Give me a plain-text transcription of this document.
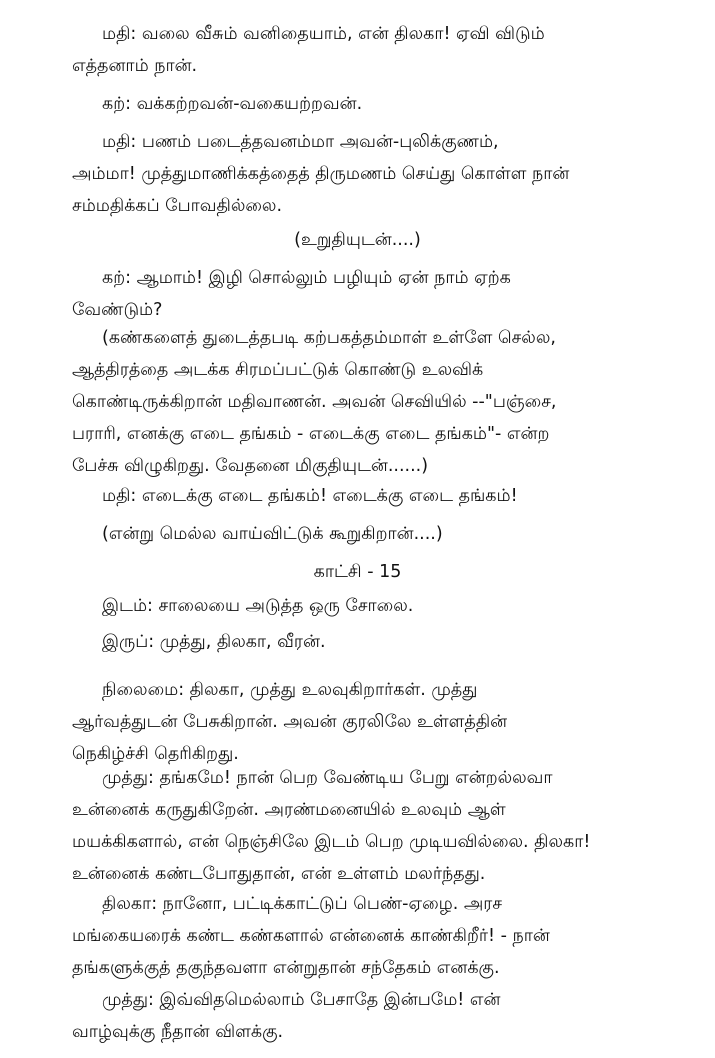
மதி: வலை வீசும் வனிதையாம், என் திலகா! ஏவி விடும்
எத்தனாம் நான்.
கற்: வக்கற்றவன்-வகையற்றவன்.
மதி: பணம் படைத்தவனம்மா அவன்-புலிக்குணம்,
அம்மா! முத்துமாணிக்கத்தைத் திருமணம் செய்து கொள்ள நான்
சம்மதிக்கப் போவதில்லை.
(உறுதியுடன்....)
கற்: ஆமாம்! இழி சொல்லும் பழியும் ஏன் நாம் ஏற்க
வேண்டும்?
(கண்களைத் துடைத்தபடி கற்பகத்தம்மாள் உள்ளே செல்ல,
ஆத்திரத்தை அடக்க சிரமப்பட்டுக் கொண்டு உலவிக்
கொண்டிருக்கிறான் மதிவாணன். அவன் செவியில் --"பஞ்சை,
பராரி, எனக்கு எடை தங்கம் - எடைக்கு எடை தங்கம்"- என்ற
பேச்சு விழுகிறது. வேதனை மிகுதியுடன்......)
மதி: எடைக்கு எடை தங்கம்! எடைக்கு எடை தங்கம்!
(என்று மெல்ல வாய்விட்டுக் கூறுகிறான்....)
காட்சி - 15
இடம்: சாலையை அடுத்த ஒரு சோலை.
இருப்: முத்து, திலகா, வீரன்.
நிலைமை: திலகா, முத்து உலவுகிறார்கள். முத்து
ஆர்வத்துடன் பேசுகிறான். அவன் குரலிலே உள்ளத்தின்
நெகிழ்ச்சி தெரிகிறது.
முத்து: தங்கமே! நான் பெற வேண்டிய பேறு என்றல்லவா
உன்னைக் கருதுகிறேன். அரண்மனையில் உலவும் ஆள்
மயக்கிகளால், என் நெஞ்சிலே இடம் பெற முடியவில்லை. திலகா!
உன்னைக் கண்டபோதுதான், என் உள்ளம் மலர்ந்தது.
திலகா: நானோ, பட்டிக்காட்டுப் பெண்-ஏழை. அரச
மங்கையரைக் கண்ட கண்களால் என்னைக் காண்கிறீர்! - நான்
தங்களுக்குத் தகுந்தவளா என்றுதான் சந்தேகம் எனக்கு.
முத்து: இவ்விதமெல்லாம் பேசாதே இன்பமே! என்
வாழ்வுக்கு நீதான் விளக்கு.
